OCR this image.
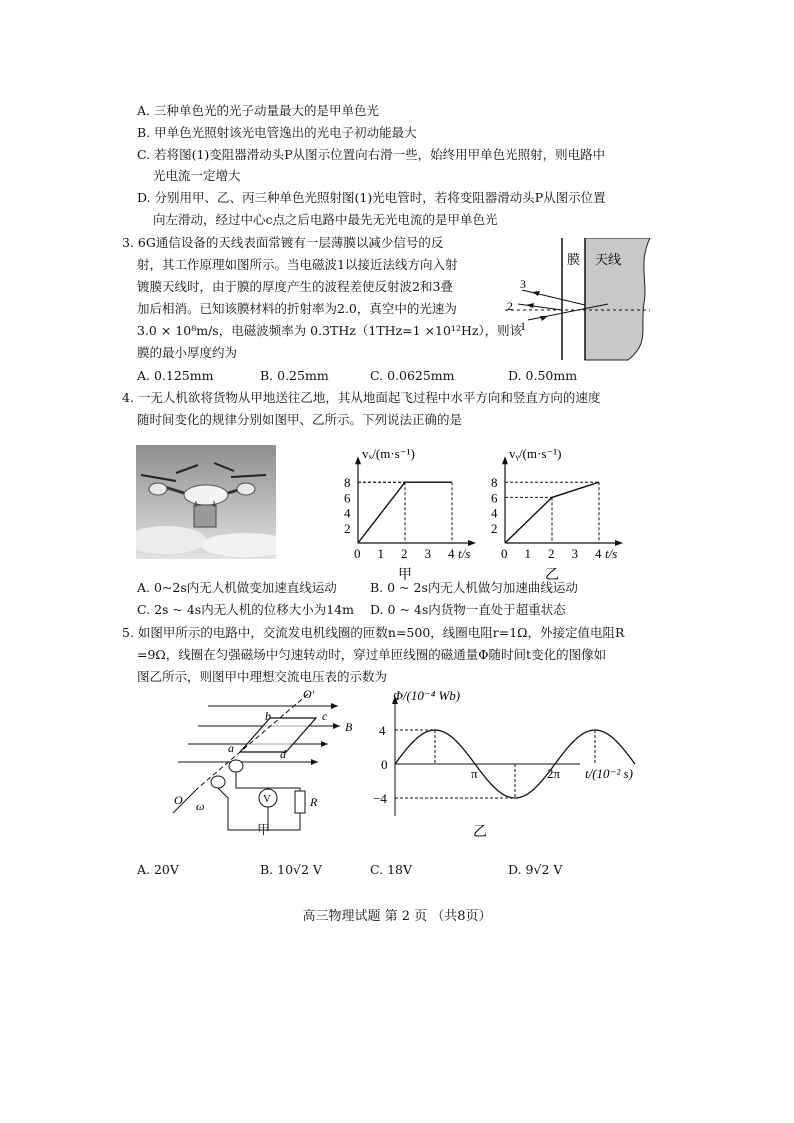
A. 三种单色光的光子动量最大的是甲单色光
B. 甲单色光照射该光电管逸出的光电子初动能最大
C. 若将图(1)变阻器滑动头P从图示位置向右滑一些，始终用甲单色光照射，则电路中
光电流一定增大
D. 分别用甲、乙、丙三种单色光照射图(1)光电管时，若将变阻器滑动头P从图示位置
向左滑动，经过中心c点之后电路中最先无光电流的是甲单色光
3. 6G通信设备的天线表面常镀有一层薄膜以减少信号的反
射，其工作原理如图所示。当电磁波1以接近法线方向入射
镀膜天线时，由于膜的厚度产生的波程差使反射波2和3叠
加后相消。已知该膜材料的折射率为2.0，真空中的光速为
3.0 × 10⁸m/s，电磁波频率为 0.3THz（1THz=1 ×10¹²Hz），则该
膜的最小厚度约为
膜 天线
1
2
3
A. 0.125mm	B. 0.25mm	C. 0.0625mm	D. 0.50mm
4. 一无人机欲将货物从甲地送往乙地，其从地面起飞过程中水平方向和竖直方向的速度
随时间变化的规律分别如图甲、乙所示。下列说法正确的是
0 1 2 3 4
2
4
6
8
t/s
vₓ/(m·s⁻¹)
甲
0 1 2 3 4
2
4
6
8
t/s
vᵧ/(m·s⁻¹)
乙
A. 0~2s内无人机做变加速直线运动	B. 0 ~ 2s内无人机做匀加速曲线运动
C. 2s ~ 4s内无人机的位移大小为14m D. 0 ~ 4s内货物一直处于超重状态
5. 如图甲所示的电路中，交流发电机线圈的匝数n=500，线圈电阻r=1Ω，外接定值电阻R
=9Ω，线圈在匀强磁场中匀速转动时，穿过单匝线圈的磁通量Φ随时间t变化的图像如
图乙所示，则图甲中理想交流电压表的示数为
V	R
O′
O ω
a
b	c
d
B
甲
Φ/(10⁻⁴ Wb)
t/(10⁻² s)
4
0
−4
π	2π
乙
A. 20V	B. 10√2 V	C. 18V	D. 9√2 V
高三物理试题 第 2 页 （共8页）
